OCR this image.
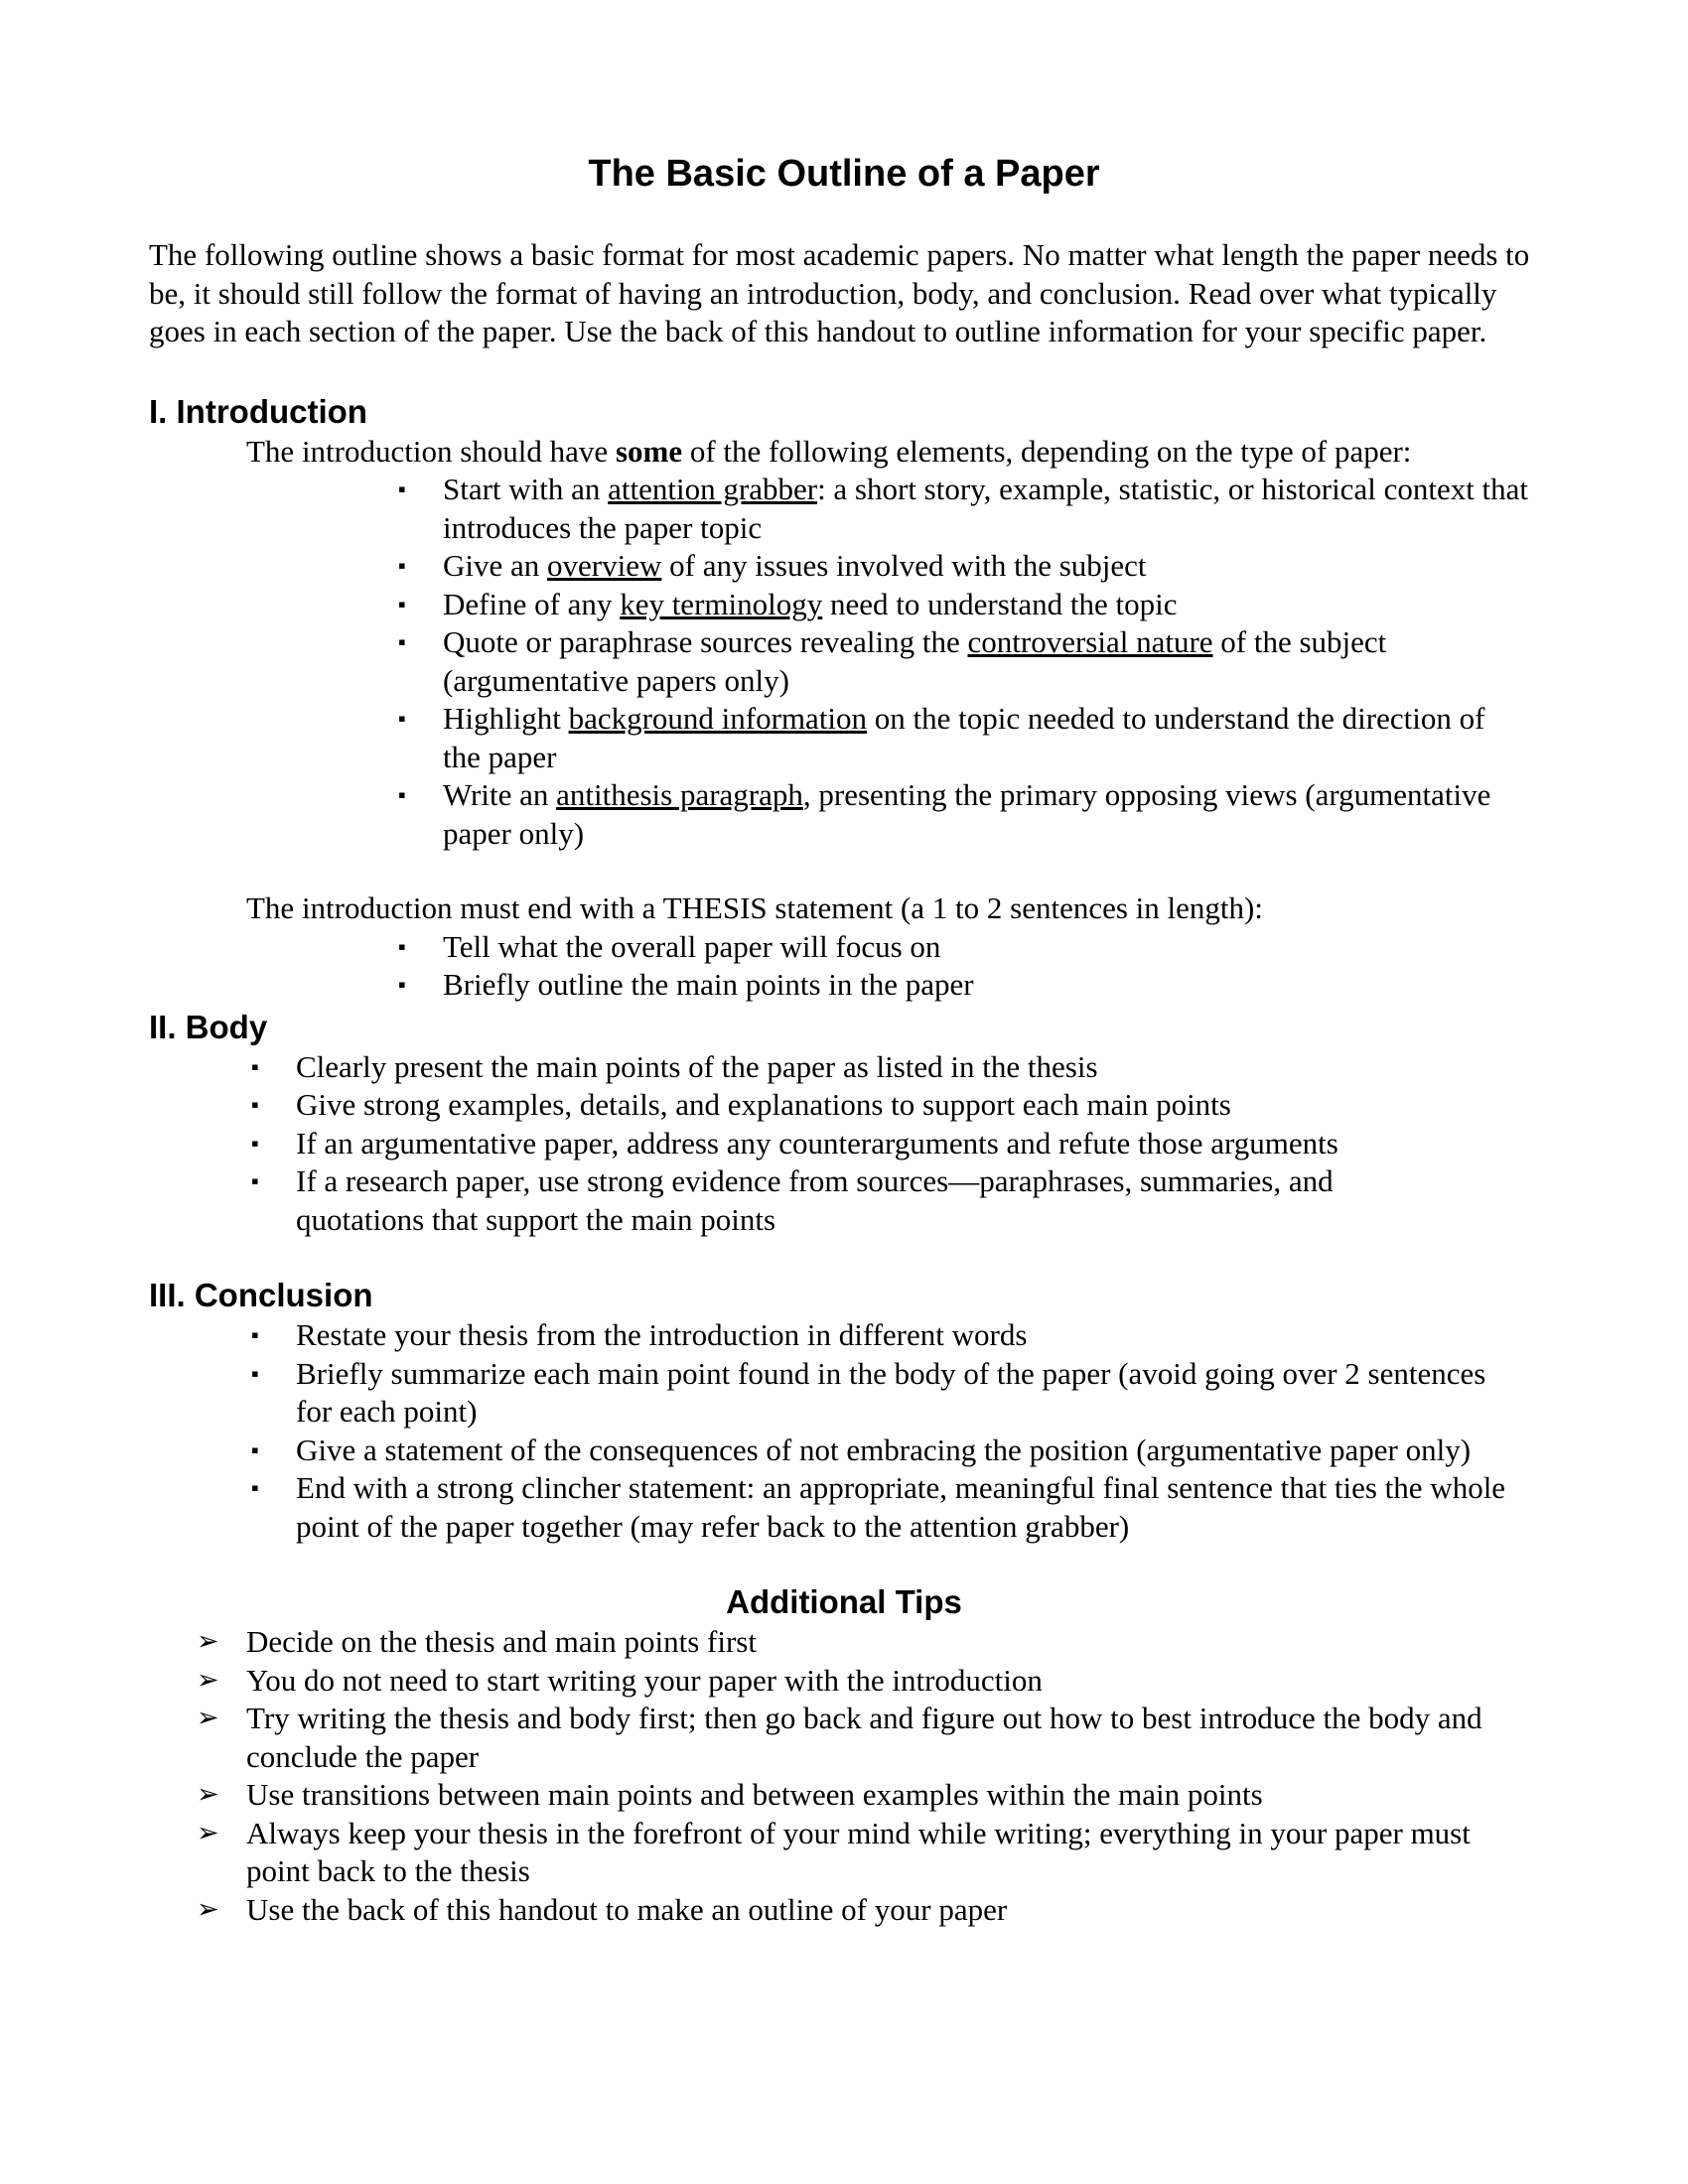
The Basic Outline of a Paper

The following outline shows a basic format for most academic papers. No matter what length the paper needs to be, it should still follow the format of having an introduction, body, and conclusion. Read over what typically goes in each section of the paper. Use the back of this handout to outline information for your specific paper.

I. Introduction

The introduction should have some of the following elements, depending on the type of paper:

▪ Start with an attention grabber: a short story, example, statistic, or historical context that introduces the paper topic
▪ Give an overview of any issues involved with the subject
▪ Define of any key terminology need to understand the topic
▪ Quote or paraphrase sources revealing the controversial nature of the subject (argumentative papers only)
▪ Highlight background information on the topic needed to understand the direction of the paper
▪ Write an antithesis paragraph, presenting the primary opposing views (argumentative paper only)

The introduction must end with a THESIS statement (a 1 to 2 sentences in length):

▪ Tell what the overall paper will focus on
▪ Briefly outline the main points in the paper
II. Body
▪ Clearly present the main points of the paper as listed in the thesis
▪ Give strong examples, details, and explanations to support each main points
▪ If an argumentative paper, address any counterarguments and refute those arguments
▪ If a research paper, use strong evidence from sources—paraphrases, summaries, and quotations that support the main points
III. Conclusion
▪ Restate your thesis from the introduction in different words
▪ Briefly summarize each main point found in the body of the paper (avoid going over 2 sentences for each point)
▪ Give a statement of the consequences of not embracing the position (argumentative paper only)
▪ End with a strong clincher statement: an appropriate, meaningful final sentence that ties the whole point of the paper together (may refer back to the attention grabber)
Additional Tips
➢ Decide on the thesis and main points first
➢ You do not need to start writing your paper with the introduction
➢ Try writing the thesis and body first; then go back and figure out how to best introduce the body and conclude the paper
➢ Use transitions between main points and between examples within the main points
➢ Always keep your thesis in the forefront of your mind while writing; everything in your paper must point back to the thesis
➢ Use the back of this handout to make an outline of your paper
